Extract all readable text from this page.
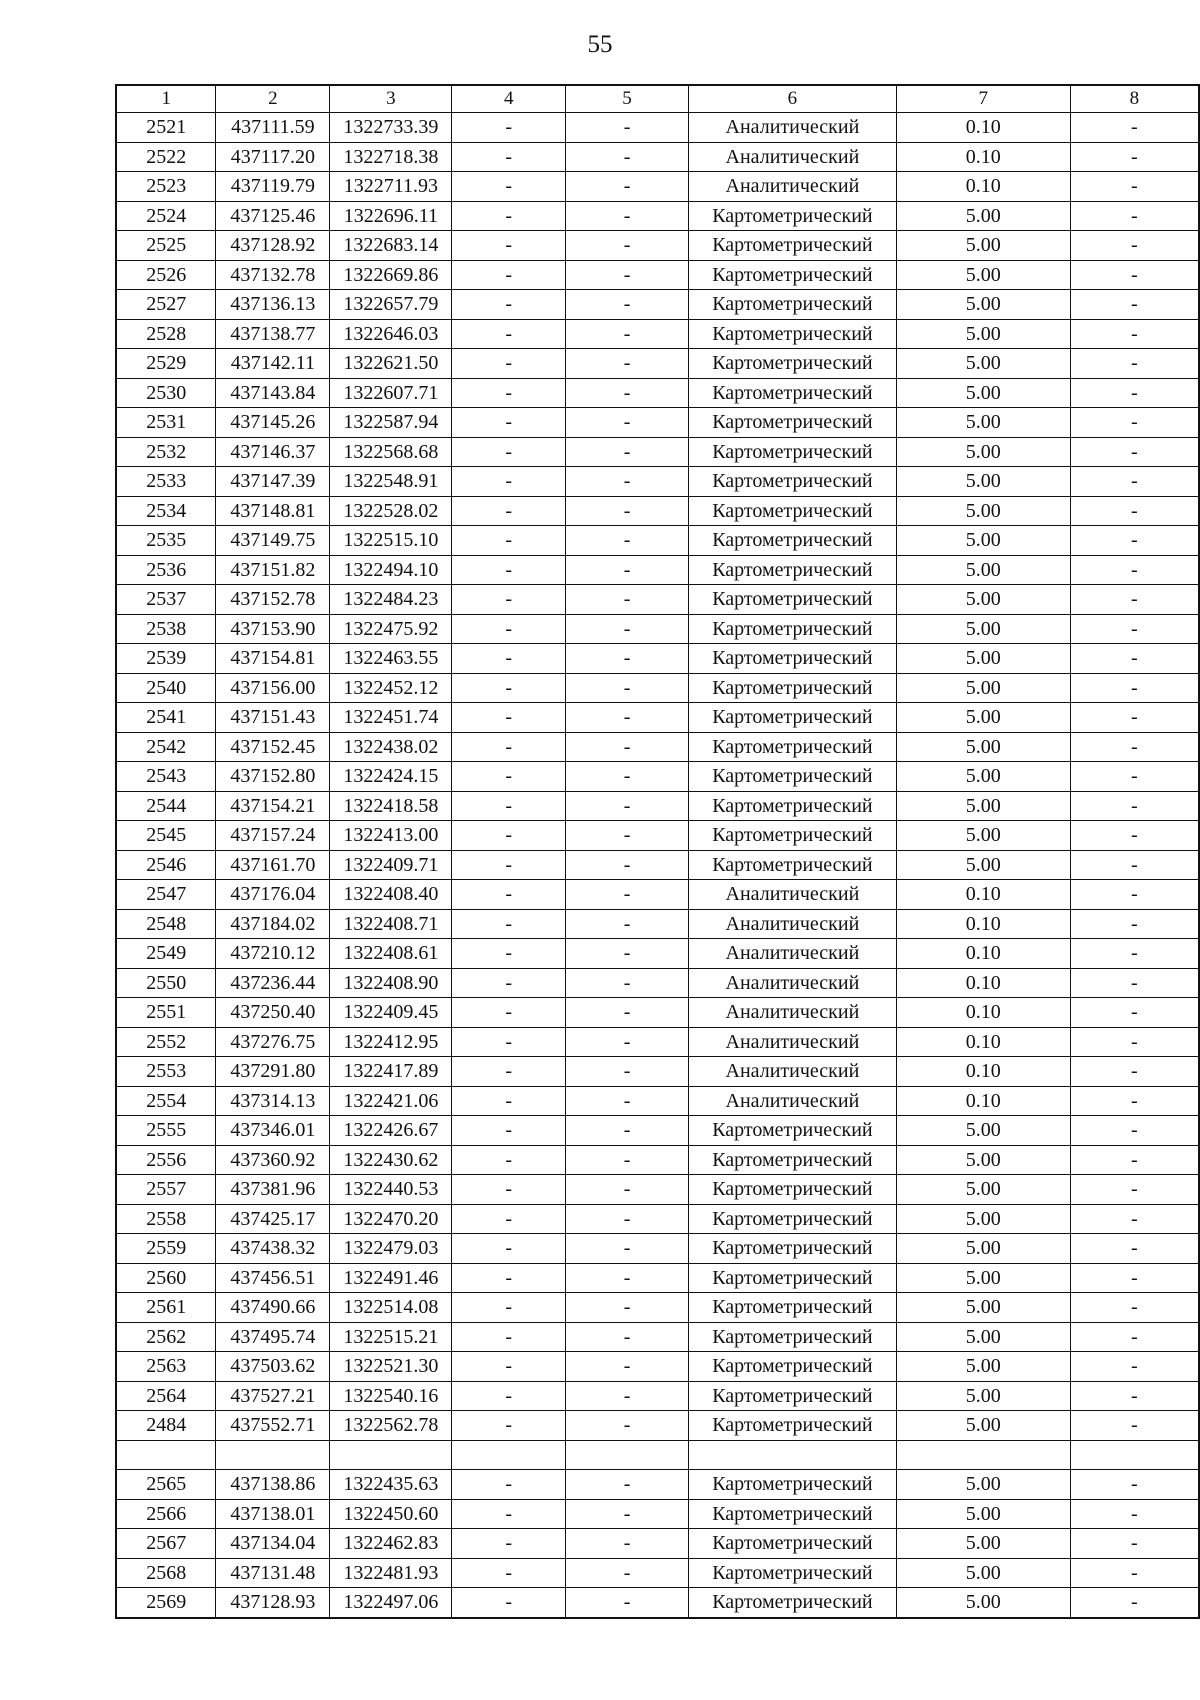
55
1	2	3	4	5	6	7	8
2521	437111.59	1322733.39	-	-	Аналитический	0.10	-
2522	437117.20	1322718.38	-	-	Аналитический	0.10	-
2523	437119.79	1322711.93	-	-	Аналитический	0.10	-
2524	437125.46	1322696.11	-	-	Картометрический	5.00	-
2525	437128.92	1322683.14	-	-	Картометрический	5.00	-
2526	437132.78	1322669.86	-	-	Картометрический	5.00	-
2527	437136.13	1322657.79	-	-	Картометрический	5.00	-
2528	437138.77	1322646.03	-	-	Картометрический	5.00	-
2529	437142.11	1322621.50	-	-	Картометрический	5.00	-
2530	437143.84	1322607.71	-	-	Картометрический	5.00	-
2531	437145.26	1322587.94	-	-	Картометрический	5.00	-
2532	437146.37	1322568.68	-	-	Картометрический	5.00	-
2533	437147.39	1322548.91	-	-	Картометрический	5.00	-
2534	437148.81	1322528.02	-	-	Картометрический	5.00	-
2535	437149.75	1322515.10	-	-	Картометрический	5.00	-
2536	437151.82	1322494.10	-	-	Картометрический	5.00	-
2537	437152.78	1322484.23	-	-	Картометрический	5.00	-
2538	437153.90	1322475.92	-	-	Картометрический	5.00	-
2539	437154.81	1322463.55	-	-	Картометрический	5.00	-
2540	437156.00	1322452.12	-	-	Картометрический	5.00	-
2541	437151.43	1322451.74	-	-	Картометрический	5.00	-
2542	437152.45	1322438.02	-	-	Картометрический	5.00	-
2543	437152.80	1322424.15	-	-	Картометрический	5.00	-
2544	437154.21	1322418.58	-	-	Картометрический	5.00	-
2545	437157.24	1322413.00	-	-	Картометрический	5.00	-
2546	437161.70	1322409.71	-	-	Картометрический	5.00	-
2547	437176.04	1322408.40	-	-	Аналитический	0.10	-
2548	437184.02	1322408.71	-	-	Аналитический	0.10	-
2549	437210.12	1322408.61	-	-	Аналитический	0.10	-
2550	437236.44	1322408.90	-	-	Аналитический	0.10	-
2551	437250.40	1322409.45	-	-	Аналитический	0.10	-
2552	437276.75	1322412.95	-	-	Аналитический	0.10	-
2553	437291.80	1322417.89	-	-	Аналитический	0.10	-
2554	437314.13	1322421.06	-	-	Аналитический	0.10	-
2555	437346.01	1322426.67	-	-	Картометрический	5.00	-
2556	437360.92	1322430.62	-	-	Картометрический	5.00	-
2557	437381.96	1322440.53	-	-	Картометрический	5.00	-
2558	437425.17	1322470.20	-	-	Картометрический	5.00	-
2559	437438.32	1322479.03	-	-	Картометрический	5.00	-
2560	437456.51	1322491.46	-	-	Картометрический	5.00	-
2561	437490.66	1322514.08	-	-	Картометрический	5.00	-
2562	437495.74	1322515.21	-	-	Картометрический	5.00	-
2563	437503.62	1322521.30	-	-	Картометрический	5.00	-
2564	437527.21	1322540.16	-	-	Картометрический	5.00	-
2484	437552.71	1322562.78	-	-	Картометрический	5.00	-

2565	437138.86	1322435.63	-	-	Картометрический	5.00	-
2566	437138.01	1322450.60	-	-	Картометрический	5.00	-
2567	437134.04	1322462.83	-	-	Картометрический	5.00	-
2568	437131.48	1322481.93	-	-	Картометрический	5.00	-
2569	437128.93	1322497.06	-	-	Картометрический	5.00	-
